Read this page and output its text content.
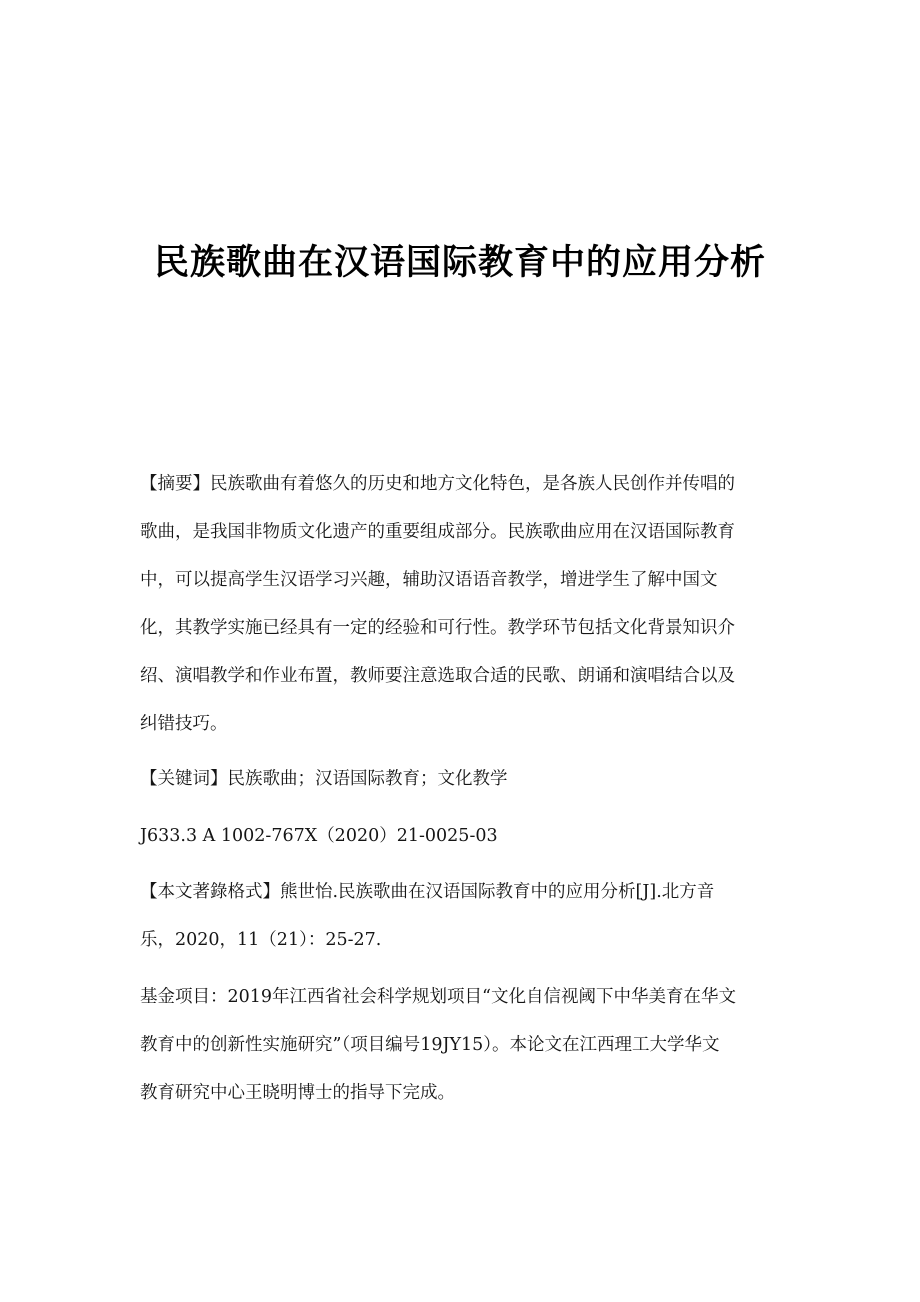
民族歌曲在汉语国际教育中的应用分析
【摘要】民族歌曲有着悠久的历史和地方文化特色，是各族人民创作并传唱的
歌曲，是我国非物质文化遗产的重要组成部分。民族歌曲应用在汉语国际教育
中，可以提高学生汉语学习兴趣，辅助汉语语音教学，增进学生了解中国文
化，其教学实施已经具有一定的经验和可行性。教学环节包括文化背景知识介
绍、演唱教学和作业布置，教师要注意选取合适的民歌、朗诵和演唱结合以及
纠错技巧。
【关键词】民族歌曲；汉语国际教育；文化教学
J633.3 A 1002-767X（2020）21-0025-03
【本文著錄格式】熊世怡.民族歌曲在汉语国际教育中的应用分析[J].北方音
乐，2020，11（21）：25-27.
基金项目：2019年江西省社会科学规划项目“文化自信视阈下中华美育在华文
教育中的创新性实施研究”（项目编号19JY15）。本论文在江西理工大学华文
教育研究中心王晓明博士的指导下完成。
